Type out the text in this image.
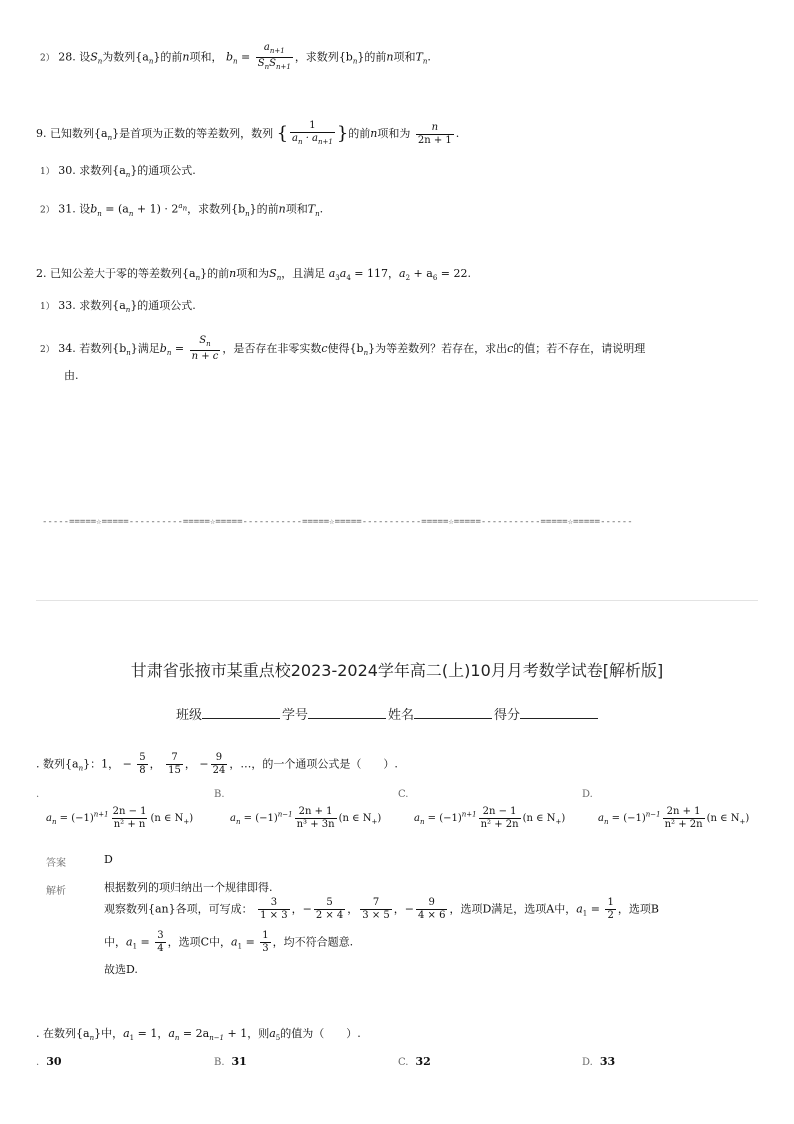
2） 28. 设$S_n$为数列$\{a_n\}$的前n项和， $b_n = \frac{a_{n+1}}{S_nS_{n+1}}$ ，求数列$\{b_n\}$的前n项和$T_n$.
9. 已知数列$\{a_n\}$是首项为正数的等差数列，数列 { $\frac{1}{a_n \cdot a_{n+1}}$ }的前n项和为 $\frac{n}{2n + 1}$ .
1） 30. 求数列$\{a_n\}$的通项公式.
2） 31. 设$b_n = (a_n + 1) \cdot 2^{a_n}$，求数列$\{b_n\}$的前n项和$T_n$.
2. 已知公差大于零的等差数列$\{a_n\}$的前n项和为$S_n$，且满足 $a_3a_4 = 117$，$a_2 + a_6 = 22$.
1） 33. 求数列$\{a_n\}$的通项公式.
2） 34. 若数列$\{b_n\}$满足$b_n = \frac{S_n}{n + c}$ ，是否存在非零实数c使得$\{b_n\}$为等差数列？若存在，求出c的值；若不存在，请说明理
由.
-----=====☆=====----------=====☆=====-----------=====☆=====-----------=====☆=====-----------=====☆=====------
甘肃省张掖市某重点校2023-2024学年高二(上)10月月考数学试卷[解析版]
班级	学号	姓名	得分
. 数列$\{a_n\}$：1， − $\frac{5}{8}$ ， $\frac{7}{15}$ ， − $\frac{9}{24}$ ，…，的一个通项公式是（　　）.
.	B.	C.	D.
$a_n = (-1)^{n+1} \frac{2n - 1}{\text{n² + n}} (n$ ∈ $N_+$)	$a_n = (-1)^{n-1} \frac{2n + 1}{\text{n³ + 3n}} (n$ ∈ $N_+$)	$a_n = (-1)^{n+1} \frac{2n - 1}{\text{n² + 2n}} (n$ ∈ $N_+$)	$a_n = (-1)^{n-1} \frac{2n + 1}{\text{n² + 2n}} (n$ ∈ $N_+$)
答案	D
解析	根据数列的项归纳出一个规律即得.
观察数列{an}各项，可写成： $\frac{3}{1 \times 3}$ ，− $\frac{5}{2 \times 4}$ ， $\frac{7}{3 \times 5}$ ，− $\frac{9}{4 \times 6}$ ，选项D满足，选项A中，$a_1 = \frac{1}{2}$ ，选项B
中，$a_1 = \frac{3}{4}$ ，选项C中，$a_1 = \frac{1}{3}$ ，均不符合题意.
故选D.
. 在数列$\{a_n\}$中，$a_1 = 1$，$a_n = 2a_{n-1} + 1$，则$a_5$的值为（　　）.
. 30	B. 31	C. 32	D. 33
